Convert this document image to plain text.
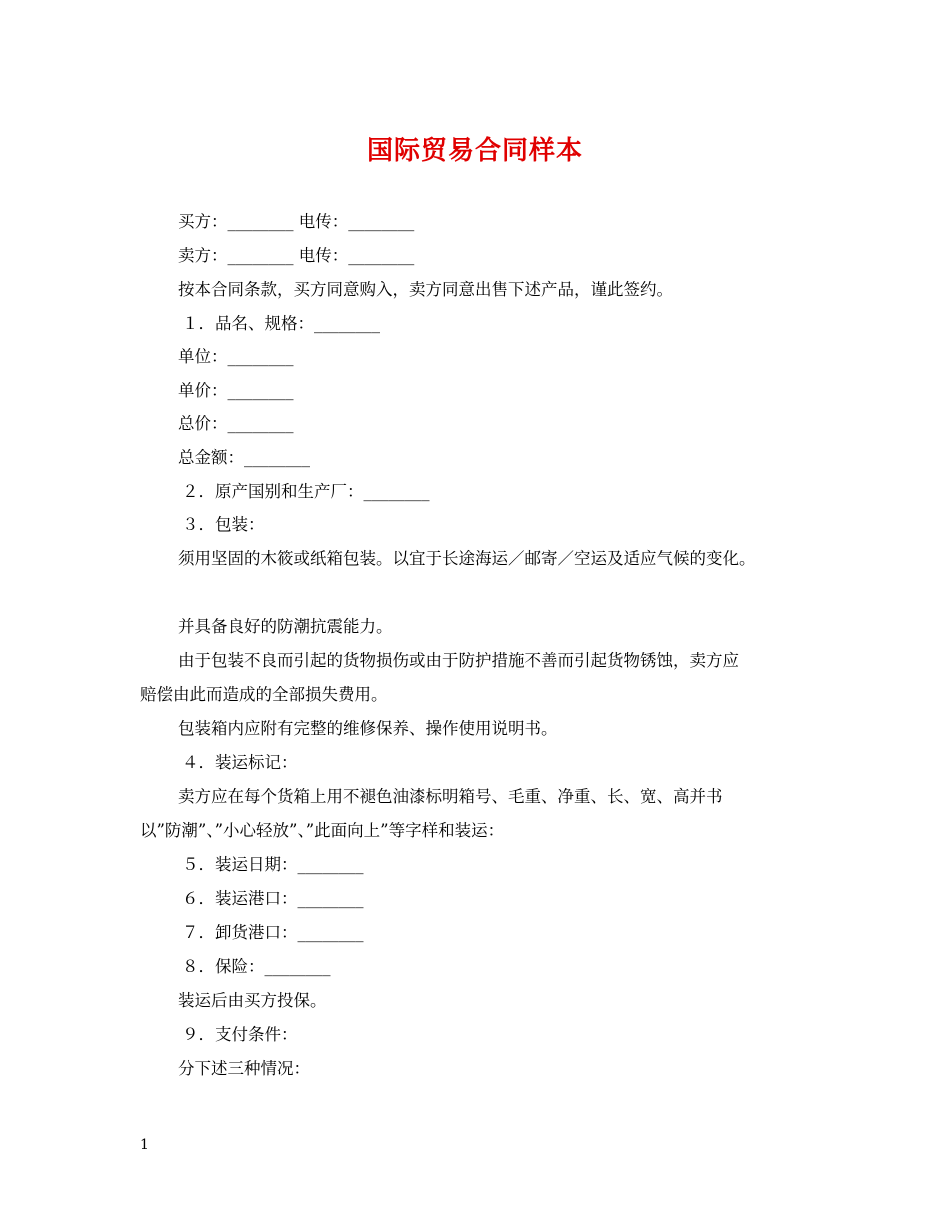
国际贸易合同样本
买方：________ 电传：________
卖方：________ 电传：________
按本合同条款，买方同意购入，卖方同意出售下述产品，谨此签约。
１．品名、规格：________
单位：________
单价：________
总价：________
总金额：________
２．原产国别和生产厂：________
３．包装：
须用坚固的木筱或纸箱包装。以宜于长途海运／邮寄／空运及适应气候的变化。
并具备良好的防潮抗震能力。
由于包装不良而引起的货物损伤或由于防护措施不善而引起货物锈蚀，卖方应
赔偿由此而造成的全部损失费用。
包装箱内应附有完整的维修保养、操作使用说明书。
４．装运标记：
卖方应在每个货箱上用不褪色油漆标明箱号、毛重、净重、长、宽、高并书
以”防潮”、”小心轻放”、”此面向上”等字样和装运：
５．装运日期：________
６．装运港口：________
７．卸货港口：________
８．保险：________
装运后由买方投保。
９．支付条件：
分下述三种情况：
1
